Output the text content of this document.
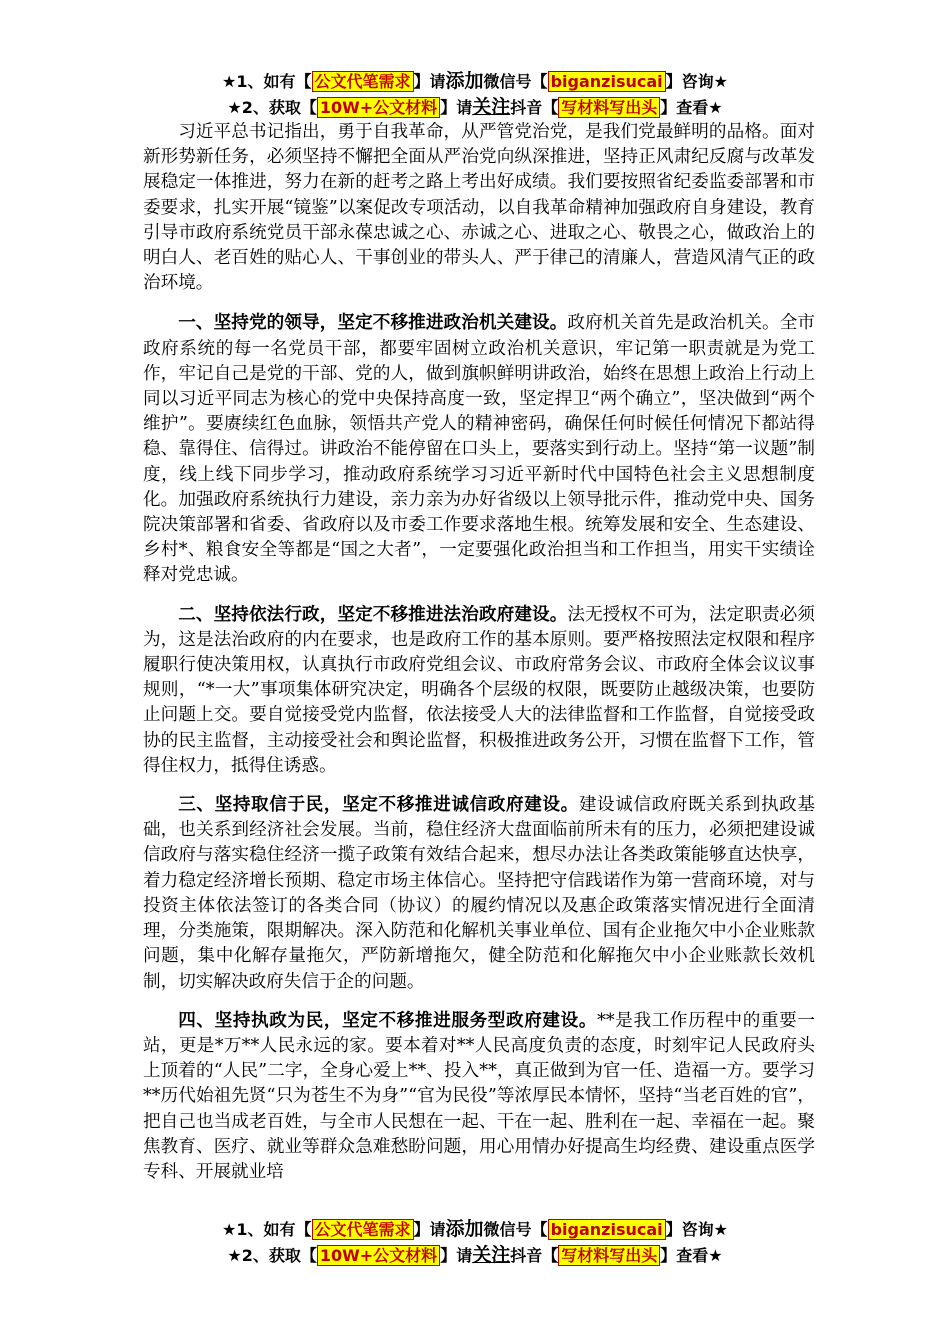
★1、如有【 公文代笔需求 】请添加微信号【 biganzisucai 】咨询★
★2、获取【 10W+公文材料 】请关注抖音【 写材料写出头 】查看★

习近平总书记指出，勇于自我革命，从严管党治党，是我们党最鲜明的品格。面对新形势新任务，必须坚持不懈把全面从严治党向纵深推进，坚持正风肃纪反腐与改革发展稳定一体推进，努力在新的赶考之路上考出好成绩。我们要按照省纪委监委部署和市委要求，扎实开展“镜鉴”以案促改专项活动，以自我革命精神加强政府自身建设，教育引导市政府系统党员干部永葆忠诚之心、赤诚之心、进取之心、敬畏之心，做政治上的明白人、老百姓的贴心人、干事创业的带头人、严于律己的清廉人，营造风清气正的政治环境。

一、坚持党的领导，坚定不移推进政治机关建设。政府机关首先是政治机关。全市政府系统的每一名党员干部，都要牢固树立政治机关意识，牢记第一职责就是为党工作，牢记自己是党的干部、党的人，做到旗帜鲜明讲政治，始终在思想上政治上行动上同以习近平同志为核心的党中央保持高度一致，坚定捍卫“两个确立”，坚决做到“两个维护”。要赓续红色血脉，领悟共产党人的精神密码，确保任何时候任何情况下都站得稳、靠得住、信得过。讲政治不能停留在口头上，要落实到行动上。坚持“第一议题”制度，线上线下同步学习，推动政府系统学习习近平新时代中国特色社会主义思想制度化。加强政府系统执行力建设，亲力亲为办好省级以上领导批示件，推动党中央、国务院决策部署和省委、省政府以及市委工作要求落地生根。统筹发展和安全、生态建设、乡村*、粮食安全等都是“国之大者”，一定要强化政治担当和工作担当，用实干实绩诠释对党忠诚。

二、坚持依法行政，坚定不移推进法治政府建设。法无授权不可为，法定职责必须为，这是法治政府的内在要求，也是政府工作的基本原则。要严格按照法定权限和程序履职行使决策用权，认真执行市政府党组会议、市政府常务会议、市政府全体会议议事规则，“*一大”事项集体研究决定，明确各个层级的权限，既要防止越级决策，也要防止问题上交。要自觉接受党内监督，依法接受人大的法律监督和工作监督，自觉接受政协的民主监督，主动接受社会和舆论监督，积极推进政务公开，习惯在监督下工作，管得住权力，抵得住诱惑。

三、坚持取信于民，坚定不移推进诚信政府建设。建设诚信政府既关系到执政基础，也关系到经济社会发展。当前，稳住经济大盘面临前所未有的压力，必须把建设诚信政府与落实稳住经济一揽子政策有效结合起来，想尽办法让各类政策能够直达快享，着力稳定经济增长预期、稳定市场主体信心。坚持把守信践诺作为第一营商环境，对与投资主体依法签订的各类合同（协议）的履约情况以及惠企政策落实情况进行全面清理，分类施策，限期解决。深入防范和化解机关事业单位、国有企业拖欠中小企业账款问题，集中化解存量拖欠，严防新增拖欠，健全防范和化解拖欠中小企业账款长效机制，切实解决政府失信于企的问题。

四、坚持执政为民，坚定不移推进服务型政府建设。**是我工作历程中的重要一站，更是*万**人民永远的家。要本着对**人民高度负责的态度，时刻牢记人民政府头上顶着的“人民”二字，全身心爱上**、投入**，真正做到为官一任、造福一方。要学习**历代始祖先贤“只为苍生不为身”“官为民役”等浓厚民本情怀，坚持“当老百姓的官”，把自己也当成老百姓，与全市人民想在一起、干在一起、胜利在一起、幸福在一起。聚焦教育、医疗、就业等群众急难愁盼问题，用心用情办好提高生均经费、建设重点医学专科、开展就业培

★1、如有【 公文代笔需求 】请添加微信号【 biganzisucai 】咨询★
★2、获取【 10W+公文材料 】请关注抖音【 写材料写出头 】查看★
